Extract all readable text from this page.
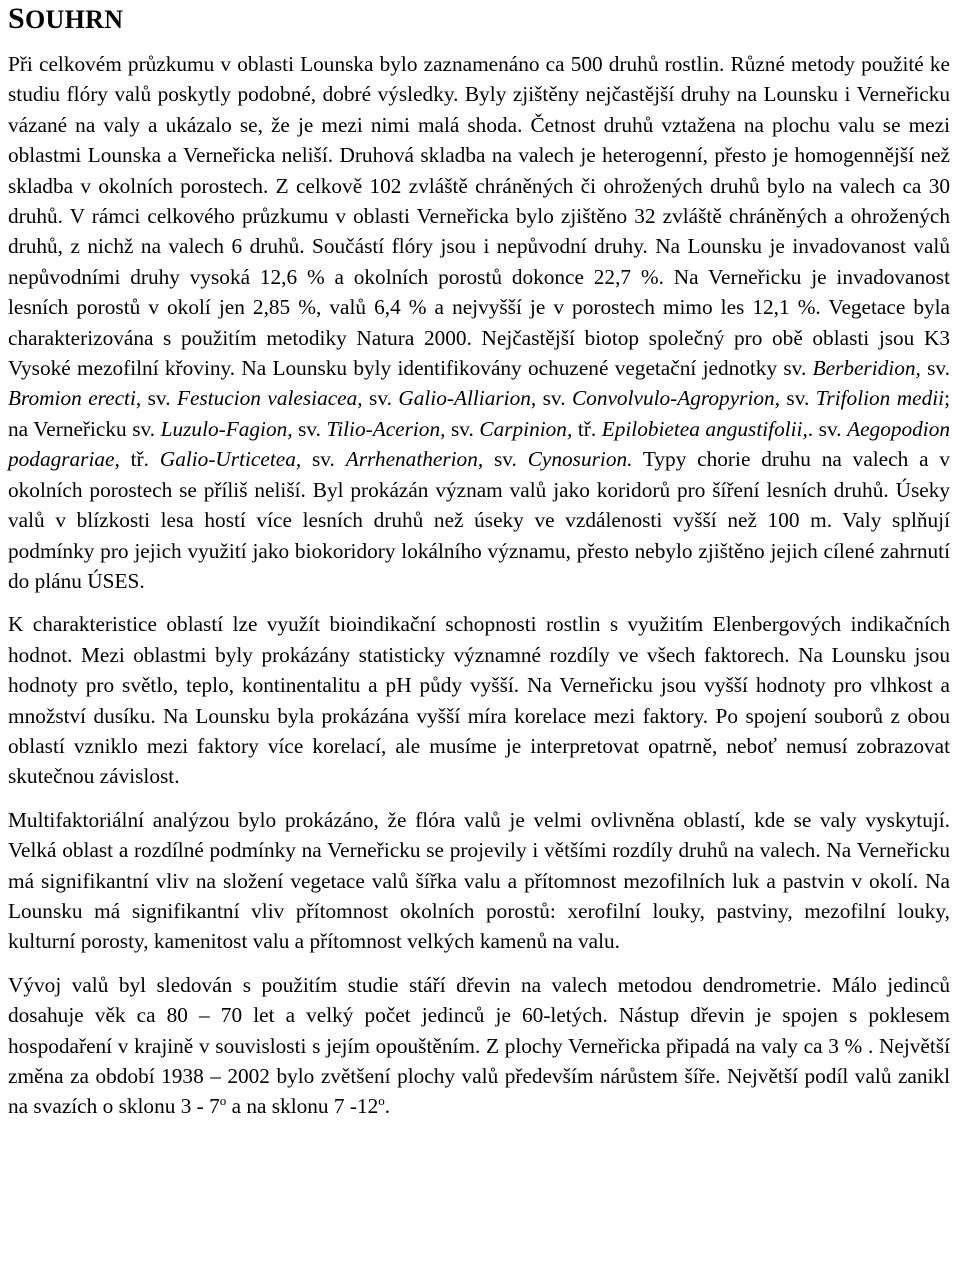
SOUHRN

Při celkovém průzkumu v oblasti Lounska bylo zaznamenáno ca 500 druhů rostlin. Různé metody použité ke studiu flóry valů poskytly podobné, dobré výsledky. Byly zjištěny nejčastější druhy na Lounsku i Verneřicku vázané na valy a ukázalo se, že je mezi nimi malá shoda. Četnost druhů vztažena na plochu valu se mezi oblastmi Lounska a Verneřicka neliší. Druhová skladba na valech je heterogenní, přesto je homogennější než skladba v okolních porostech. Z celkově 102 zvláště chráněných či ohrožených druhů bylo na valech ca 30 druhů. V rámci celkového průzkumu v oblasti Verneřicka bylo zjištěno 32 zvláště chráněných a ohrožených druhů, z nichž na valech 6 druhů. Součástí flóry jsou i nepůvodní druhy. Na Lounsku je invadovanost valů nepůvodními druhy vysoká 12,6 % a okolních porostů dokonce 22,7 %. Na Verneřicku je invadovanost lesních porostů v okolí jen 2,85 %, valů 6,4 % a nejvyšší je v porostech mimo les 12,1 %. Vegetace byla charakterizována s použitím metodiky Natura 2000. Nejčastější biotop společný pro obě oblasti jsou K3 Vysoké mezofilní křoviny. Na Lounsku byly identifikovány ochuzené vegetační jednotky sv. Berberidion, sv. Bromion erecti, sv. Festucion valesiacea, sv. Galio-Alliarion, sv. Convolvulo-Agropyrion, sv. Trifolion medii; na Verneřicku sv. Luzulo-Fagion, sv. Tilio-Acerion, sv. Carpinion, tř. Epilobietea angustifolii,. sv. Aegopodion podagrariae, tř. Galio-Urticetea, sv. Arrhenatherion, sv. Cynosurion. Typy chorie druhu na valech a v okolních porostech se příliš neliší. Byl prokázán význam valů jako koridorů pro šíření lesních druhů. Úseky valů v blízkosti lesa hostí více lesních druhů než úseky ve vzdálenosti vyšší než 100 m. Valy splňují podmínky pro jejich využití jako biokoridory lokálního významu, přesto nebylo zjištěno jejich cílené zahrnutí do plánu ÚSES.

K charakteristice oblastí lze využít bioindikační schopnosti rostlin s využitím Elenbergových indikačních hodnot. Mezi oblastmi byly prokázány statisticky významné rozdíly ve všech faktorech. Na Lounsku jsou hodnoty pro světlo, teplo, kontinentalitu a pH půdy vyšší. Na Verneřicku jsou vyšší hodnoty pro vlhkost a množství dusíku. Na Lounsku byla prokázána vyšší míra korelace mezi faktory. Po spojení souborů z obou oblastí vzniklo mezi faktory více korelací, ale musíme je interpretovat opatrně, neboť nemusí zobrazovat skutečnou závislost.

Multifaktoriální analýzou bylo prokázáno, že flóra valů je velmi ovlivněna oblastí, kde se valy vyskytují. Velká oblast a rozdílné podmínky na Verneřicku se projevily i většími rozdíly druhů na valech. Na Verneřicku má signifikantní vliv na složení vegetace valů šířka valu a přítomnost mezofilních luk a pastvin v okolí. Na Lounsku má signifikantní vliv přítomnost okolních porostů: xerofilní louky, pastviny, mezofilní louky, kulturní porosty, kamenitost valu a přítomnost velkých kamenů na valu.

Vývoj valů byl sledován s použitím studie stáří dřevin na valech metodou dendrometrie. Málo jedinců dosahuje věk ca 80 – 70 let a velký počet jedinců je 60-letých. Nástup dřevin je spojen s poklesem hospodaření v krajině v souvislosti s jejím opouštěním. Z plochy Verneřicka připadá na valy ca 3 % . Největší změna za období 1938 – 2002 bylo zvětšení plochy valů především nárůstem šíře. Největší podíl valů zanikl na svazích o sklonu 3 - 7$^o$ a na sklonu 7 -12$^o$.
